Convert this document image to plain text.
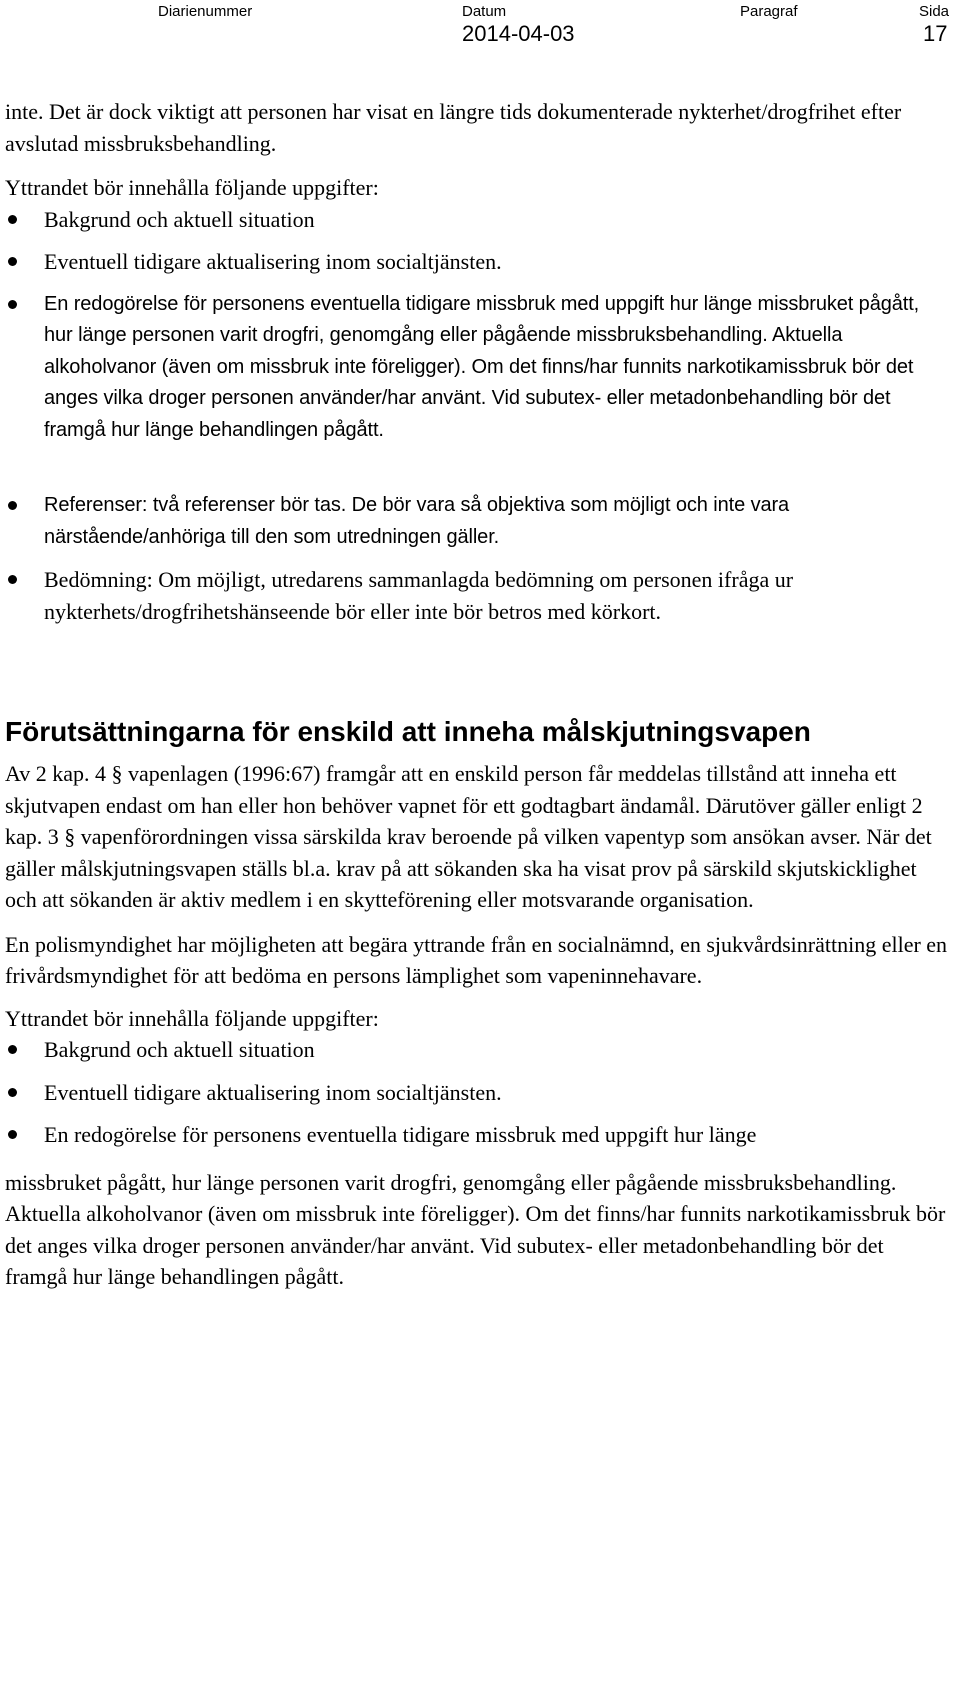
Diarienummer	Datum
2014-04-03
Paragraf	Sida
17

inte. Det är dock viktigt att personen har visat en längre tids dokumenterade nykterhet/drogfrihet efter avslutad missbruksbehandling.

Yttrandet bör innehålla följande uppgifter:

Bakgrund och aktuell situation
Eventuell tidigare aktualisering inom socialtjänsten.
En redogörelse för personens eventuella tidigare missbruk med uppgift hur länge missbruket pågått, hur länge personen varit drogfri, genomgång eller pågående missbruksbehandling. Aktuella alkoholvanor (även om missbruk inte föreligger). Om det finns/har funnits narkotikamissbruk bör det anges vilka droger personen använder/har använt. Vid subutex- eller metadonbehandling bör det framgå hur länge behandlingen pågått.
Referenser: två referenser bör tas. De bör vara så objektiva som möjligt och inte vara närstående/anhöriga till den som utredningen gäller.
Bedömning: Om möjligt, utredarens sammanlagda bedömning om personen ifråga ur nykterhets/drogfrihetshänseende bör eller inte bör betros med körkort.
Förutsättningarna för enskild att inneha målskjutningsvapen

Av 2 kap. 4 § vapenlagen (1996:67) framgår att en enskild person får meddelas tillstånd att inneha ett skjutvapen endast om han eller hon behöver vapnet för ett godtagbart ändamål. Därutöver gäller enligt 2 kap. 3 § vapenförordningen vissa särskilda krav beroende på vilken vapentyp som ansökan avser. När det gäller målskjutningsvapen ställs bl.a. krav på att sökanden ska ha visat prov på särskild skjutskicklighet och att sökanden är aktiv medlem i en skytteförening eller motsvarande organisation.

En polismyndighet har möjligheten att begära yttrande från en socialnämnd, en sjukvårdsinrättning eller en frivårdsmyndighet för att bedöma en persons lämplighet som vapeninnehavare.

Yttrandet bör innehålla följande uppgifter:

Bakgrund och aktuell situation
Eventuell tidigare aktualisering inom socialtjänsten.
En redogörelse för personens eventuella tidigare missbruk med uppgift hur länge

missbruket pågått, hur länge personen varit drogfri, genomgång eller pågående missbruksbehandling. Aktuella alkoholvanor (även om missbruk inte föreligger). Om det finns/har funnits narkotikamissbruk bör det anges vilka droger personen använder/har använt. Vid subutex- eller metadonbehandling bör det framgå hur länge behandlingen pågått.
